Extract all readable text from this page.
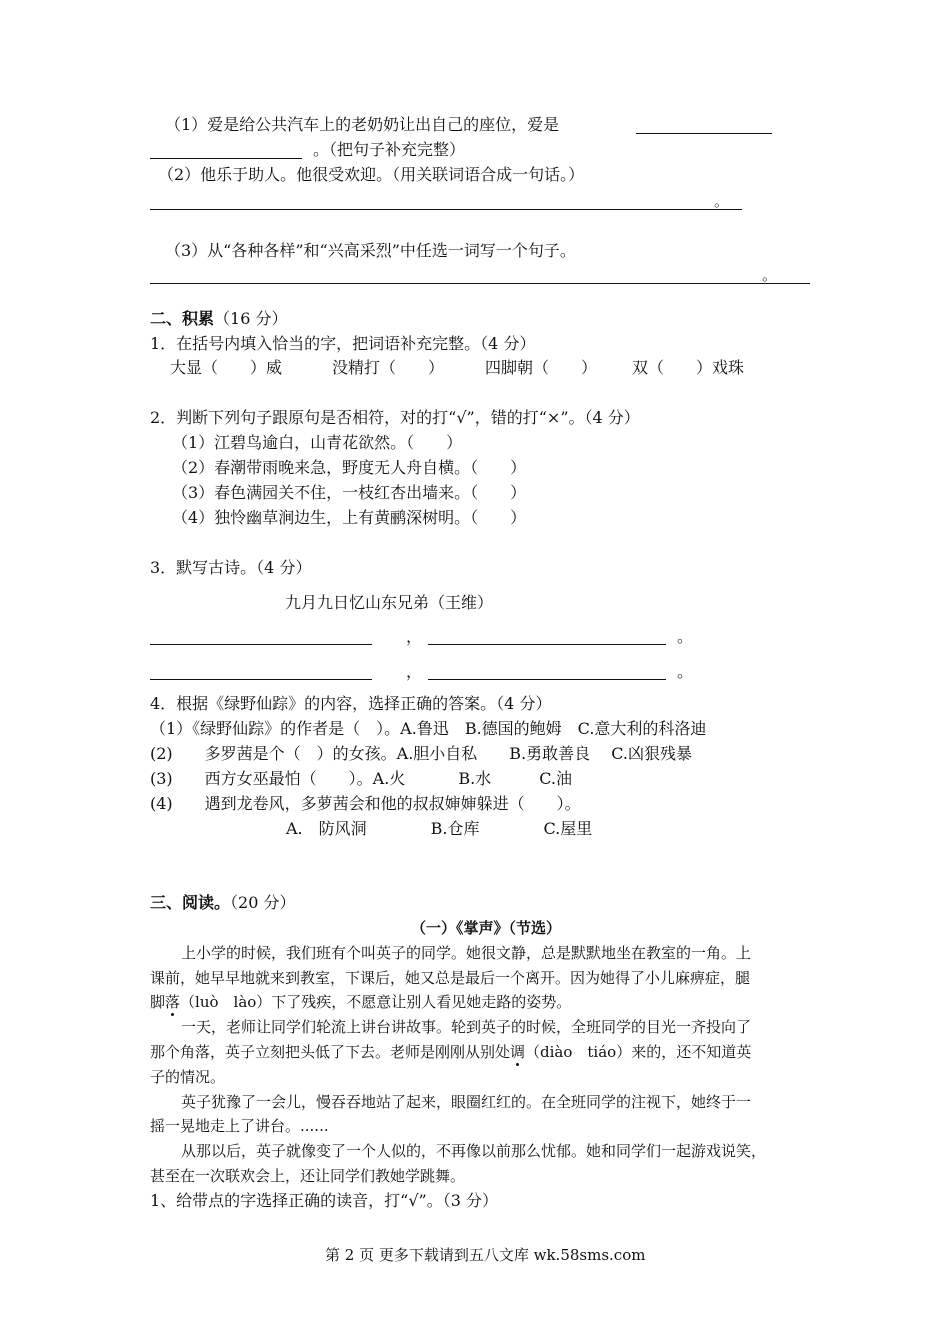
（1）爱是给公共汽车上的老奶奶让出自己的座位，爱是
。（把句子补充完整）
（2）他乐于助人。他很受欢迎。（用关联词语合成一句话。）
。
（3）从“各种各样”和“兴高采烈”中任选一词写一个句子。
。
二、积累（16 分）
1．在括号内填入恰当的字，把词语补充完整。（4 分）
大显（　　）威	没精打（　　）	四脚朝（　　） 双（　　）戏珠
2．判断下列句子跟原句是否相符，对的打“√”，错的打“×”。（4 分）
（1）江碧鸟逾白，山青花欲然。（　　）
（2）春潮带雨晚来急，野度无人舟自横。（　　）
（3）春色满园关不住，一枝红杏出墙来。（　　）
（4）独怜幽草涧边生，上有黄鹂深树明。（　　）
3．默写古诗。（4 分）
九月九日忆山东兄弟（王维）
，	。
，	。
4．根据《绿野仙踪》的内容，选择正确的答案。（4 分）
（1）《绿野仙踪》的作者是（　）。A.鲁迅　B.德国的鲍姆　C.意大利的科洛迪
(2)　　多罗茜是个（　）的女孩。A.胆小自私　　B.勇敢善良　 C.凶狠残暴
(3)　　西方女巫最怕（　　）。A.火　　　 B.水　　　C.油
(4)　　遇到龙卷风，多萝茜会和他的叔叔婶婶躲进（　　）。
A.　防风洞　　　　B.仓库　　　　C.屋里
三、阅读。（20 分）
（一）《掌声》（节选）
上小学的时候，我们班有个叫英子的同学。她很文静，总是默默地坐在教室的一角。上
课前，她早早地就来到教室，下课后，她又总是最后一个离开。因为她得了小儿麻痹症，腿
脚落（luò　lào）下了残疾，不愿意让别人看见她走路的姿势。
一天，老师让同学们轮流上讲台讲故事。轮到英子的时候，全班同学的目光一齐投向了
那个角落，英子立刻把头低了下去。老师是刚刚从别处调（diào　tiáo）来的，还不知道英
子的情况。
英子犹豫了一会儿，慢吞吞地站了起来，眼圈红红的。在全班同学的注视下，她终于一
摇一晃地走上了讲台。......
从那以后，英子就像变了一个人似的，不再像以前那么忧郁。她和同学们一起游戏说笑，
甚至在一次联欢会上，还让同学们教她学跳舞。
1、给带点的字选择正确的读音，打“√”。（3 分）
第 2 页 更多下载请到五八文库 wk.58sms.com
